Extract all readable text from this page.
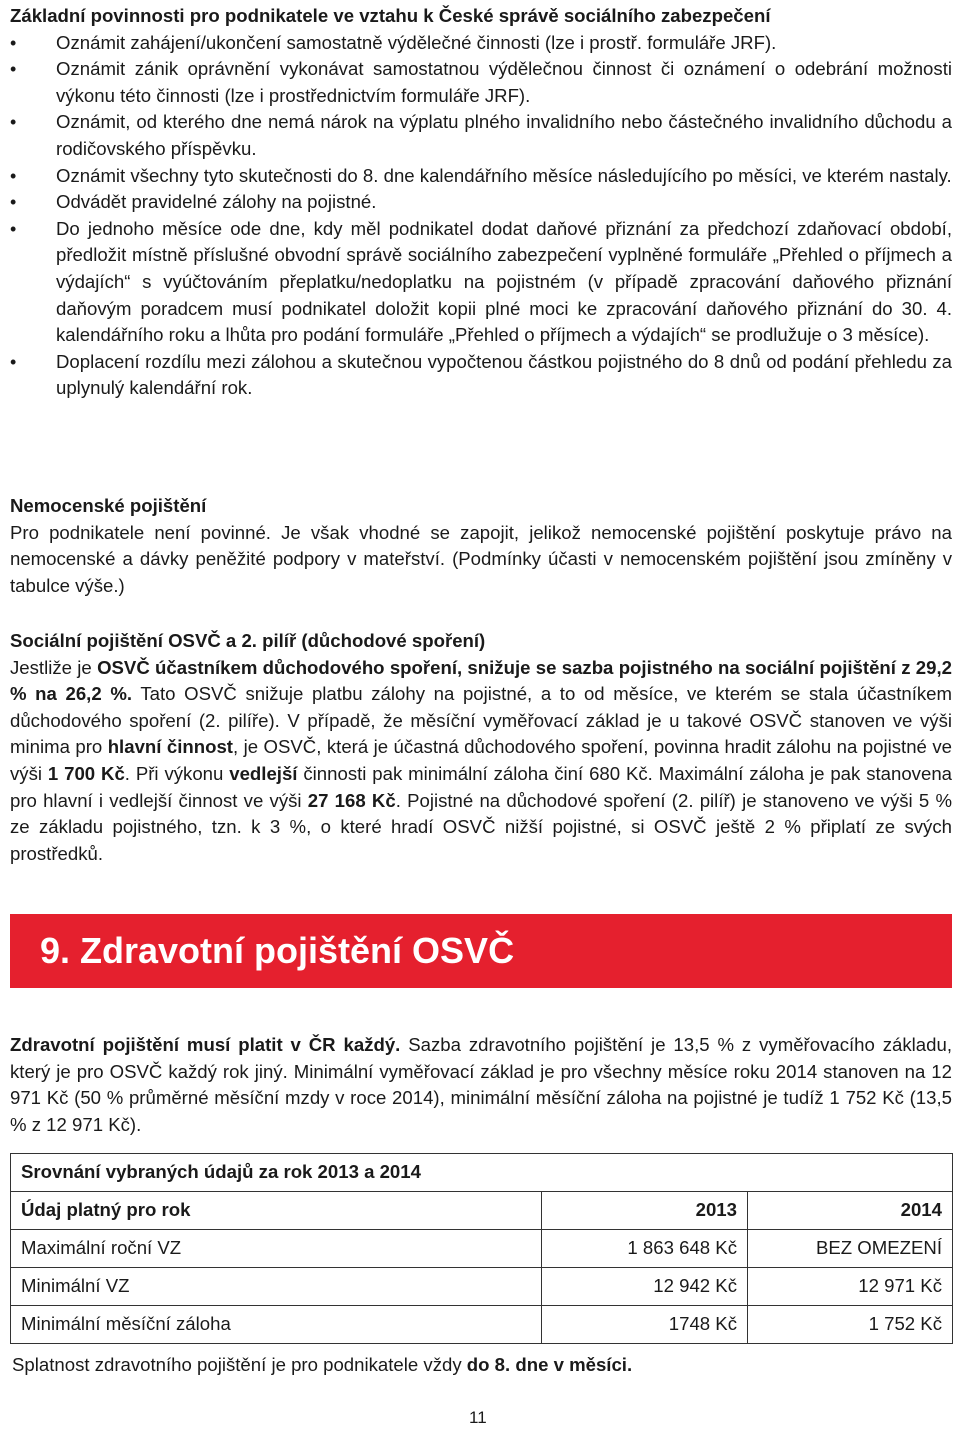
Základní povinnosti pro podnikatele ve vztahu k České správě sociálního zabezpečení
• Oznámit zahájení/ukončení samostatně výdělečné činnosti (lze i prostř. formuláře JRF).
• Oznámit zánik oprávnění vykonávat samostatnou výdělečnou činnost či oznámení o odebrání možnosti výkonu této činnosti (lze i prostřednictvím formuláře JRF).
• Oznámit, od kterého dne nemá nárok na výplatu plného invalidního nebo částečného invalidního důchodu a rodičovského příspěvku.
• Oznámit všechny tyto skutečnosti do 8. dne kalendářního měsíce následujícího po měsíci, ve kterém nastaly.
• Odvádět pravidelné zálohy na pojistné.
• Do jednoho měsíce ode dne, kdy měl podnikatel dodat daňové přiznání za předchozí zdaňovací období, předložit místně příslušné obvodní správě sociálního zabezpečení vyplněné formuláře „Přehled o příjmech a výdajích“ s vyúčtováním přeplatku/nedoplatku na pojistném (v případě zpracování daňového přiznání daňovým poradcem musí podnikatel doložit kopii plné moci ke zpracování daňového přiznání do 30. 4. kalendářního roku a lhůta pro podání formuláře „Přehled o příjmech a výdajích“ se prodlužuje o 3 měsíce).
• Doplacení rozdílu mezi zálohou a skutečnou vypočtenou částkou pojistného do 8 dnů od podání přehledu za uplynulý kalendářní rok.
Nemocenské pojištění

Pro podnikatele není povinné. Je však vhodné se zapojit, jelikož nemocenské pojištění poskytuje právo na nemocenské a dávky peněžité podpory v mateřství. (Podmínky účasti v nemocenském pojištění jsou zmíněny v tabulce výše.)

Sociální pojištění OSVČ a 2. pilíř (důchodové spoření)

Jestliže je OSVČ účastníkem důchodového spoření, snižuje se sazba pojistného na sociální pojištění z 29,2 % na 26,2 %. Tato OSVČ snižuje platbu zálohy na pojistné, a to od měsíce, ve kterém se stala účastníkem důchodového spoření (2. pilíře). V případě, že měsíční vyměřovací základ je u takové OSVČ stanoven ve výši minima pro hlavní činnost, je OSVČ, která je účastná důchodového spoření, povinna hradit zálohu na pojistné ve výši 1 700 Kč. Při výkonu vedlejší činnosti pak minimální záloha činí 680 Kč. Maximální záloha je pak stanovena pro hlavní i vedlejší činnost ve výši 27 168 Kč. Pojistné na důchodové spoření (2. pilíř) je stanoveno ve výši 5 % ze základu pojistného, tzn. k 3 %, o které hradí OSVČ nižší pojistné, si OSVČ ještě 2 % připlatí ze svých prostředků.

9. Zdravotní pojištění OSVČ

Zdravotní pojištění musí platit v ČR každý. Sazba zdravotního pojištění je 13,5 % z vyměřovacího základu, který je pro OSVČ každý rok jiný. Minimální vyměřovací základ je pro všechny měsíce roku 2014 stanoven na 12 971 Kč (50 % průměrné měsíční mzdy v roce 2014), minimální měsíční záloha na pojistné je tudíž 1 752 Kč (13,5 % z 12 971 Kč).

Srovnání vybraných údajů za rok 2013 a 2014		
Údaj platný pro rok	2013	2014
Maximální roční VZ	1 863 648 Kč	BEZ OMEZENÍ
Minimální VZ	12 942 Kč	12 971 Kč
Minimální měsíční záloha	1748 Kč	1 752 Kč

Splatnost zdravotního pojištění je pro podnikatele vždy do 8. dne v měsíci.

11
